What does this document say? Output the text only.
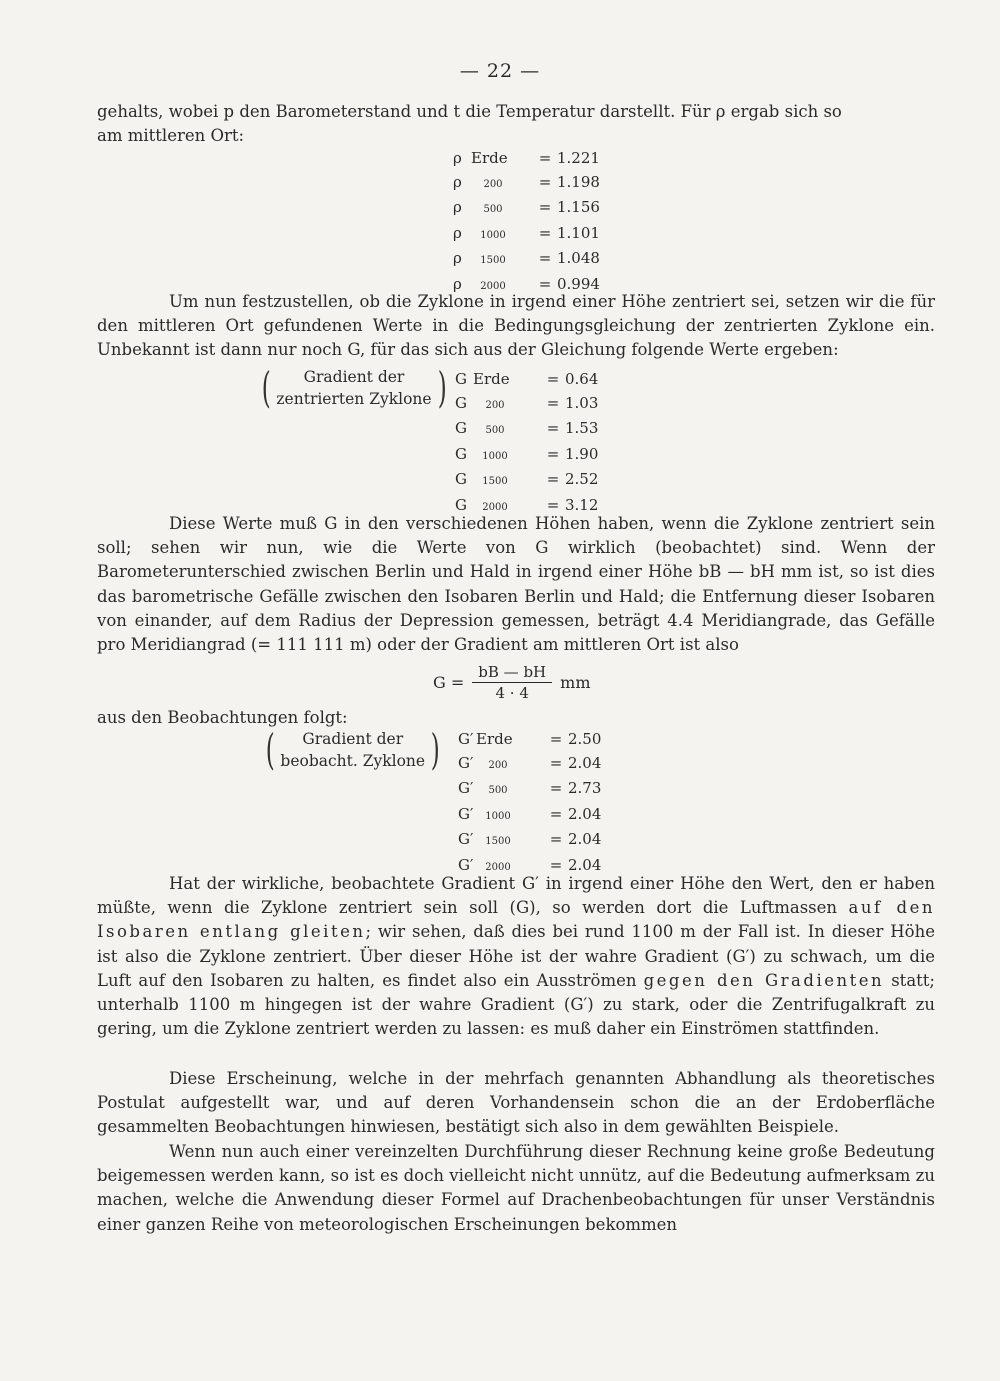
— 22 —

gehalts, wobei p den Barometerstand und t die Temperatur darstellt. Für ρ ergab sich so
am mittleren Ort:

ρ Erde	= 1.221
ρ 200	= 1.198
ρ 500	= 1.156
ρ 1000	= 1.101
ρ 1500	= 1.048
ρ 2000	= 0.994

Um nun festzustellen, ob die Zyklone in irgend einer Höhe zentriert sei, setzen wir die für den mittleren Ort gefundenen Werte in die Bedingungsgleichung der zentrierten Zyklone ein. Unbekannt ist dann nur noch G, für das sich aus der Gleichung folgende Werte ergeben:

(	Gradient der
zentrierten Zyklone ) G Erde	= 0.64
G 200	= 1.03
G 500	= 1.53
G 1000	= 1.90
G 1500	= 2.52
G 2000	= 3.12

Diese Werte muß G in den verschiedenen Höhen haben, wenn die Zyklone zentriert sein soll; sehen wir nun, wie die Werte von G wirklich (beobachtet) sind. Wenn der Barometerunterschied zwischen Berlin und Hald in irgend einer Höhe bB — bH mm ist, so ist dies das barometrische Gefälle zwischen den Isobaren Berlin und Hald; die Entfernung dieser Isobaren von einander, auf dem Radius der Depression gemessen, beträgt 4.4 Meridiangrade, das Gefälle pro Meridiangrad (= 111 111 m) oder der Gradient am mittleren Ort ist also

$G = \frac{bB — bH}{4 \cdot 4}$ mm

aus den Beobachtungen folgt:

(	Gradient der
beobacht. Zyklone ) G′ Erde	= 2.50
G′ 200	= 2.04
G′ 500	= 2.73
G′ 1000	= 2.04
G′ 1500	= 2.04
G′ 2000	= 2.04

Hat der wirkliche, beobachtete Gradient G′ in irgend einer Höhe den Wert, den er haben müßte, wenn die Zyklone zentriert sein soll (G), so werden dort die Luftmassen auf den Isobaren entlang gleiten; wir sehen, daß dies bei rund 1100 m der Fall ist. In dieser Höhe ist also die Zyklone zentriert. Über dieser Höhe ist der wahre Gradient (G′) zu schwach, um die Luft auf den Isobaren zu halten, es findet also ein Ausströmen gegen den Gradienten statt; unterhalb 1100 m hingegen ist der wahre Gradient (G′) zu stark, oder die Zentrifugalkraft zu gering, um die Zyklone zentriert werden zu lassen: es muß daher ein Einströmen stattfinden.

Diese Erscheinung, welche in der mehrfach genannten Abhandlung als theoretisches Postulat aufgestellt war, und auf deren Vorhandensein schon die an der Erdoberfläche gesammelten Beobachtungen hinwiesen, bestätigt sich also in dem gewählten Beispiele.

Wenn nun auch einer vereinzelten Durchführung dieser Rechnung keine große Bedeutung beigemessen werden kann, so ist es doch vielleicht nicht unnütz, auf die Bedeutung aufmerksam zu machen, welche die Anwendung dieser Formel auf Drachenbeobachtungen für unser Verständnis einer ganzen Reihe von meteorologischen Erscheinungen bekommen
